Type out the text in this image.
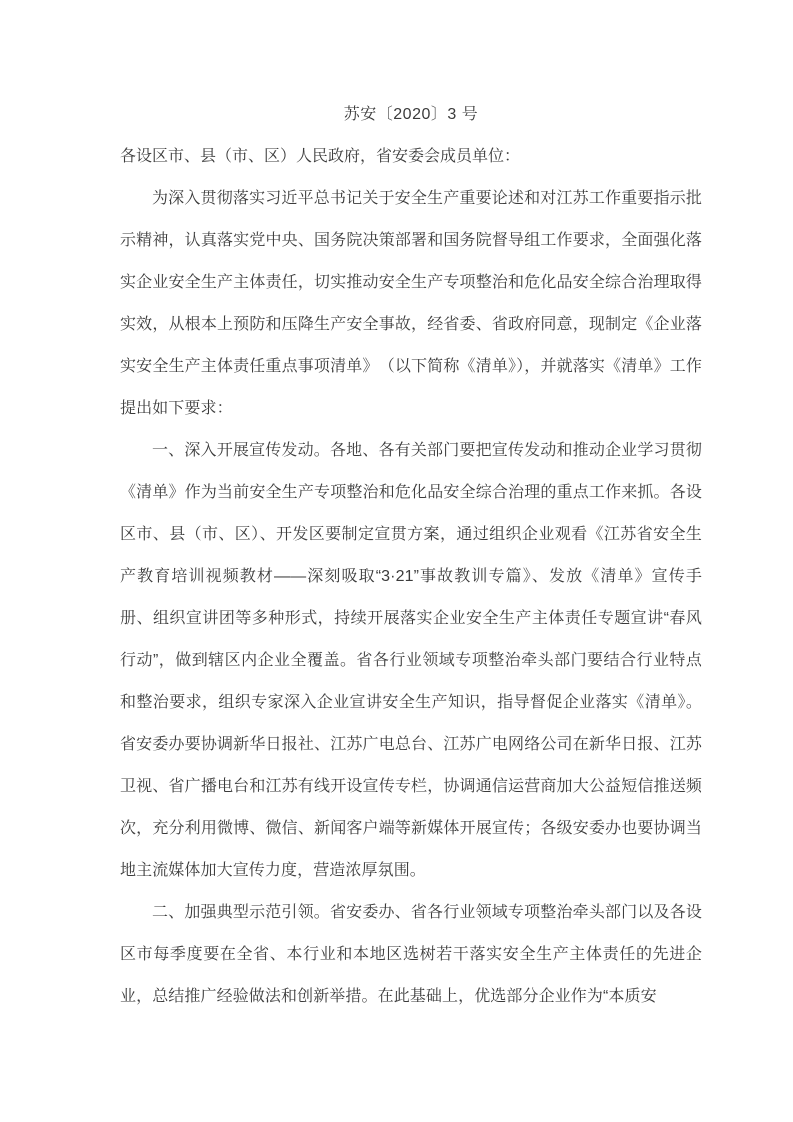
苏安〔2020〕3 号
各设区市、县（市、区）人民政府，省安委会成员单位：

为深入贯彻落实习近平总书记关于安全生产重要论述和对江苏工作重要指示批示精神，认真落实党中央、国务院决策部署和国务院督导组工作要求，全面强化落实企业安全生产主体责任，切实推动安全生产专项整治和危化品安全综合治理取得实效，从根本上预防和压降生产安全事故，经省委、省政府同意，现制定《企业落实安全生产主体责任重点事项清单》　（以下简称《清单》），并就落实《清单》工作提出如下要求：

一、深入开展宣传发动。各地、各有关部门要把宣传发动和推动企业学习贯彻《清单》作为当前安全生产专项整治和危化品安全综合治理的重点工作来抓。各设区市、县（市、区）、开发区要制定宣贯方案，通过组织企业观看《江苏省安全生产教育培训视频教材——深刻吸取“3·21”事故教训专篇》、发放《清单》宣传手册、组织宣讲团等多种形式，持续开展落实企业安全生产主体责任专题宣讲“春风行动”，做到辖区内企业全覆盖。省各行业领域专项整治牵头部门要结合行业特点和整治要求，组织专家深入企业宣讲安全生产知识，指导督促企业落实《清单》。省安委办要协调新华日报社、江苏广电总台、江苏广电网络公司在新华日报、江苏卫视、省广播电台和江苏有线开设宣传专栏，协调通信运营商加大公益短信推送频次，充分利用微博、微信、新闻客户端等新媒体开展宣传；各级安委办也要协调当地主流媒体加大宣传力度，营造浓厚氛围。

二、加强典型示范引领。省安委办、省各行业领域专项整治牵头部门以及各设区市每季度要在全省、本行业和本地区选树若干落实安全生产主体责任的先进企业，总结推广经验做法和创新举措。在此基础上，优选部分企业作为“本质安
